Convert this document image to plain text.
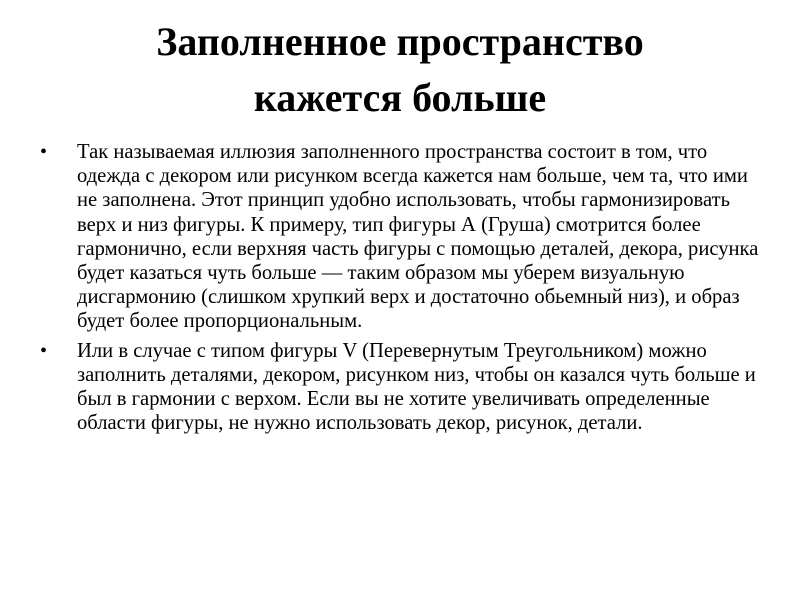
Заполненное пространство
кажется больше
•	Так называемая иллюзия заполненного пространства состоит в том, что одежда с декором или рисунком всегда кажется нам больше, чем та, что ими не заполнена. Этот принцип удобно использовать, чтобы гармонизировать верх и низ фигуры. К примеру, тип фигуры А (Груша) смотрится более гармонично, если верхняя часть фигуры с помощью деталей, декора, рисунка будет казаться чуть больше — таким образом мы уберем визуальную дисгармонию (слишком хрупкий верх и достаточно обьемный низ), и образ будет более пропорциональным.
•	Или в случае с типом фигуры V (Перевернутым Треугольником) можно заполнить деталями, декором, рисунком низ, чтобы он казался чуть больше и был в гармонии с верхом. Если вы не хотите увеличивать определенные области фигуры, не нужно использовать декор, рисунок, детали.
